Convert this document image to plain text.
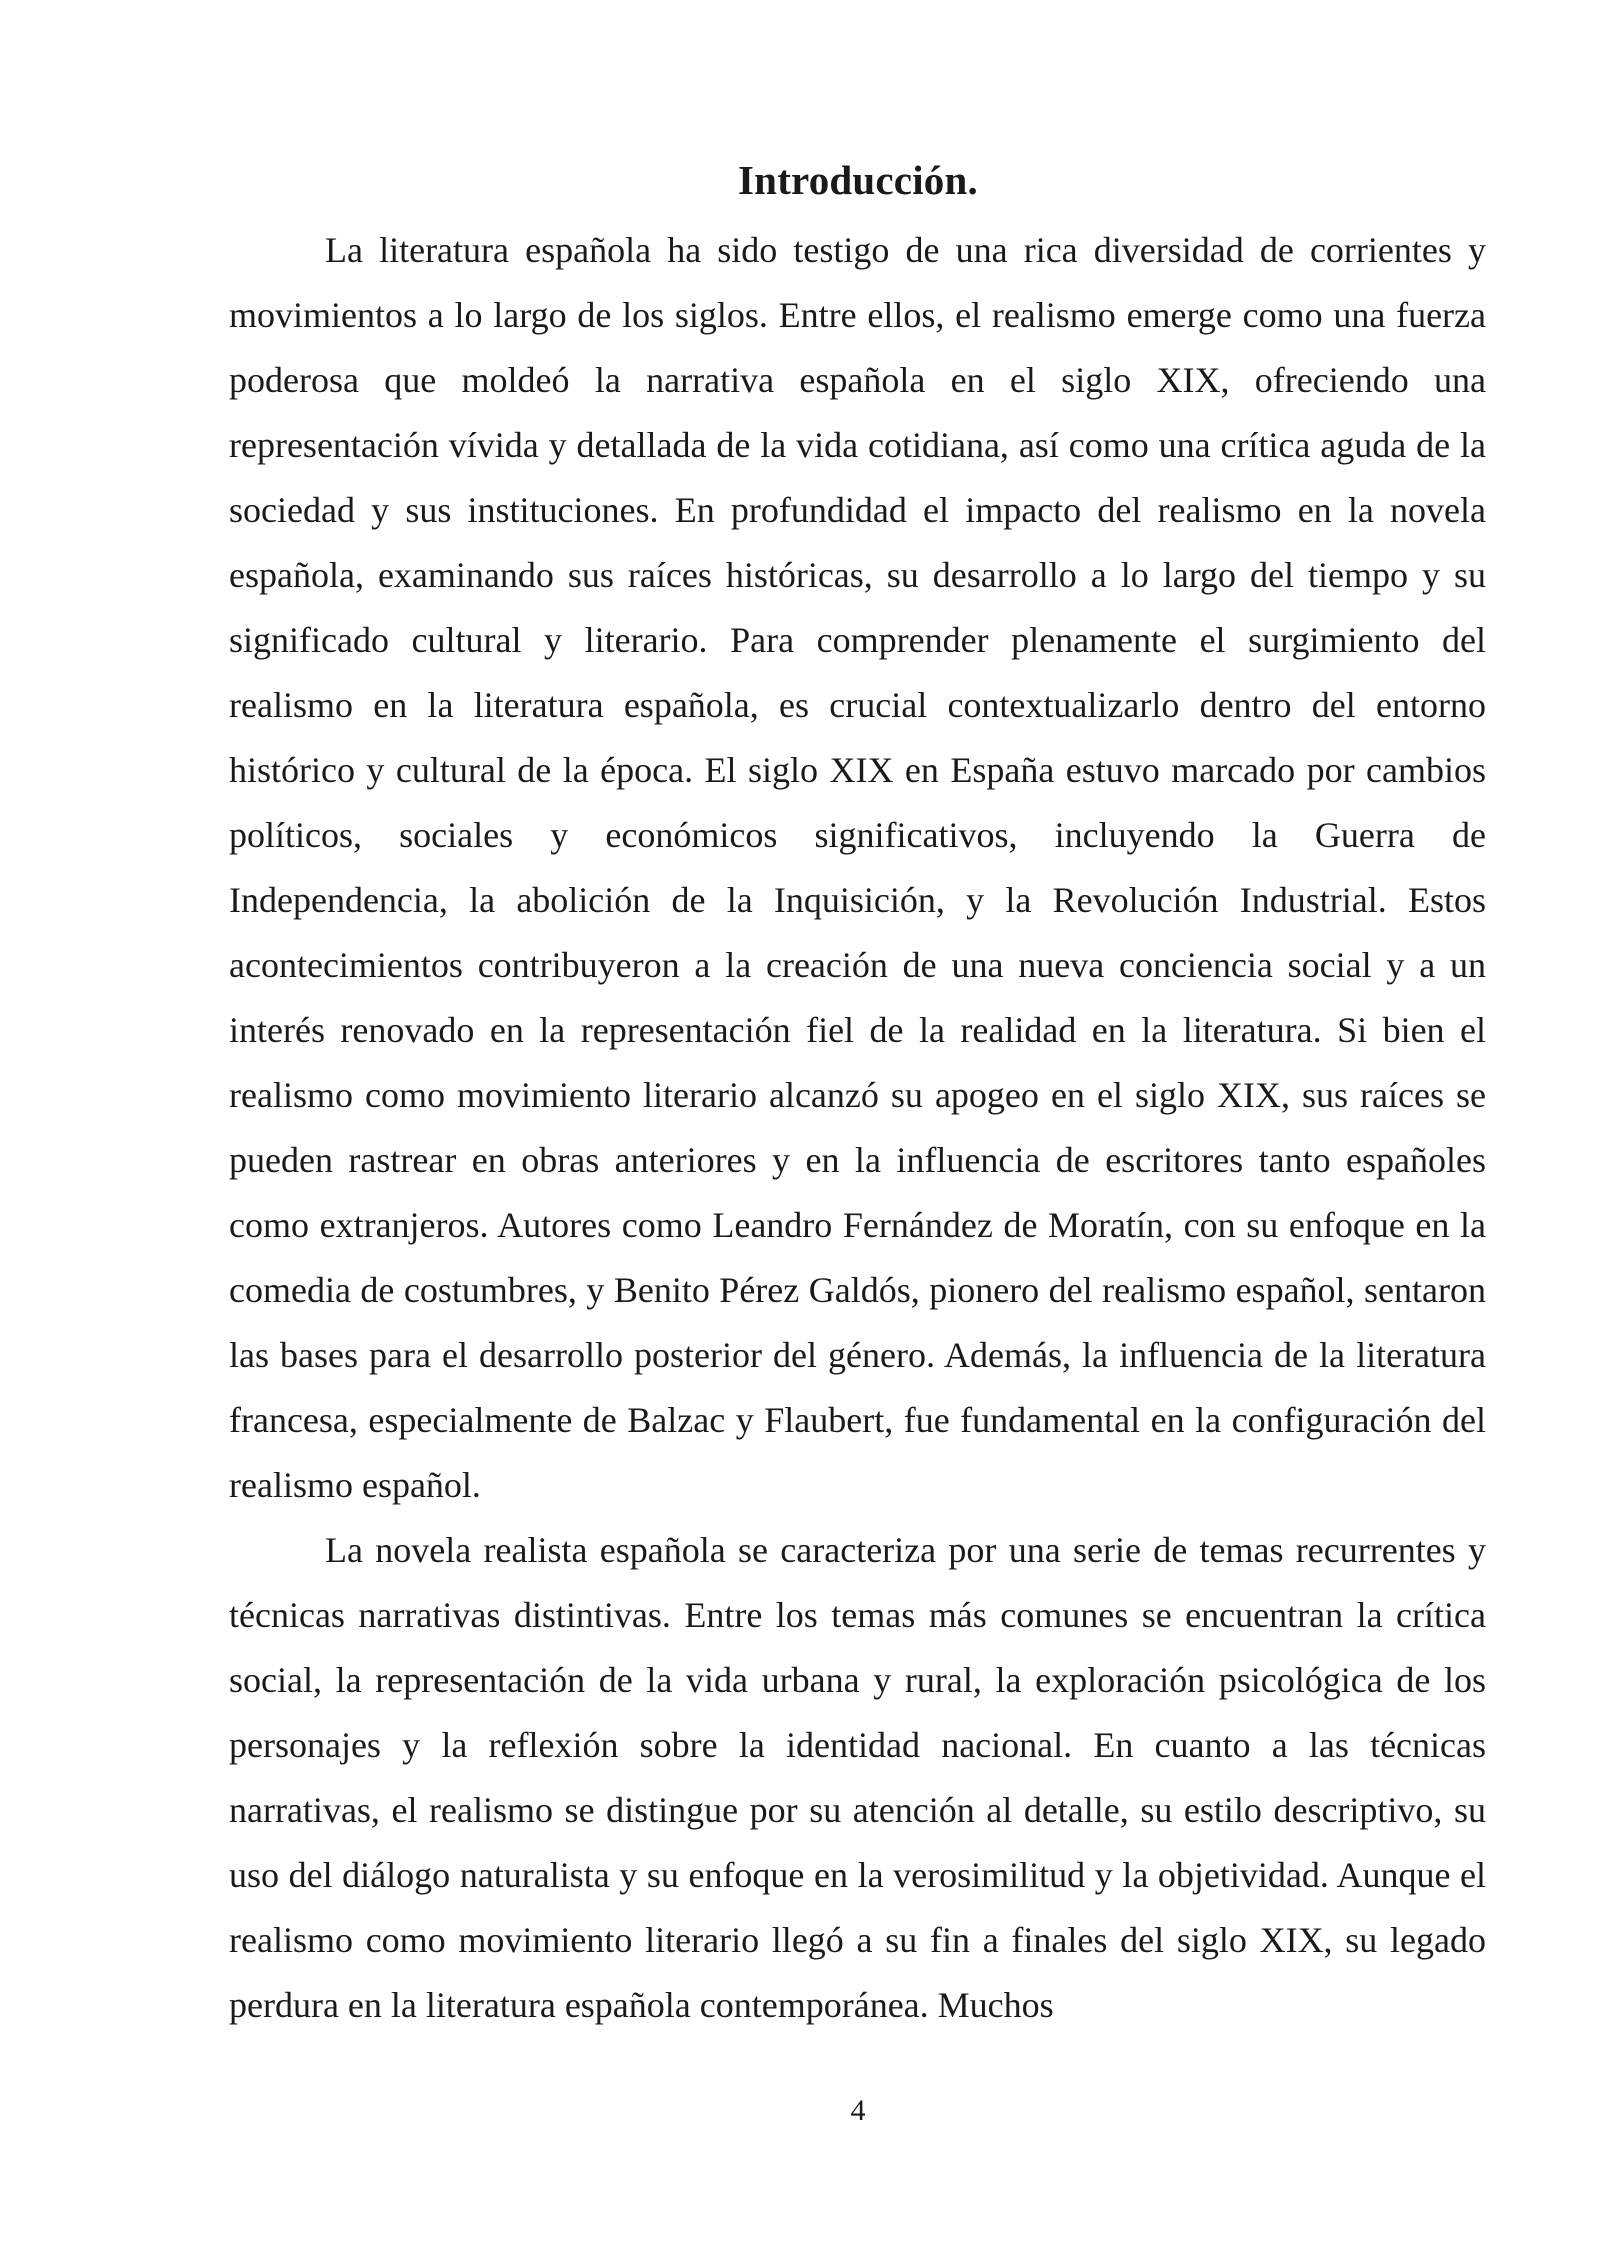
Introducción.

La literatura española ha sido testigo de una rica diversidad de corrientes y movimientos a lo largo de los siglos. Entre ellos, el realismo emerge como una fuerza poderosa que moldeó la narrativa española en el siglo XIX, ofreciendo una representación vívida y detallada de la vida cotidiana, así como una crítica aguda de la sociedad y sus instituciones. En profundidad el impacto del realismo en la novela española, examinando sus raíces históricas, su desarrollo a lo largo del tiempo y su significado cultural y literario. Para comprender plenamente el surgimiento del realismo en la literatura española, es crucial contextualizarlo dentro del entorno histórico y cultural de la época. El siglo XIX en España estuvo marcado por cambios políticos, sociales y económicos significativos, incluyendo la Guerra de Independencia, la abolición de la Inquisición, y la Revolución Industrial. Estos acontecimientos contribuyeron a la creación de una nueva conciencia social y a un interés renovado en la representación fiel de la realidad en la literatura. Si bien el realismo como movimiento literario alcanzó su apogeo en el siglo XIX, sus raíces se pueden rastrear en obras anteriores y en la influencia de escritores tanto españoles como extranjeros. Autores como Leandro Fernández de Moratín, con su enfoque en la comedia de costumbres, y Benito Pérez Galdós, pionero del realismo español, sentaron las bases para el desarrollo posterior del género. Además, la influencia de la literatura francesa, especialmente de Balzac y Flaubert, fue fundamental en la configuración del realismo español.

La novela realista española se caracteriza por una serie de temas recurrentes y técnicas narrativas distintivas. Entre los temas más comunes se encuentran la crítica social, la representación de la vida urbana y rural, la exploración psicológica de los personajes y la reflexión sobre la identidad nacional. En cuanto a las técnicas narrativas, el realismo se distingue por su atención al detalle, su estilo descriptivo, su uso del diálogo naturalista y su enfoque en la verosimilitud y la objetividad. Aunque el realismo como movimiento literario llegó a su fin a finales del siglo XIX, su legado perdura en la literatura española contemporánea. Muchos

4
